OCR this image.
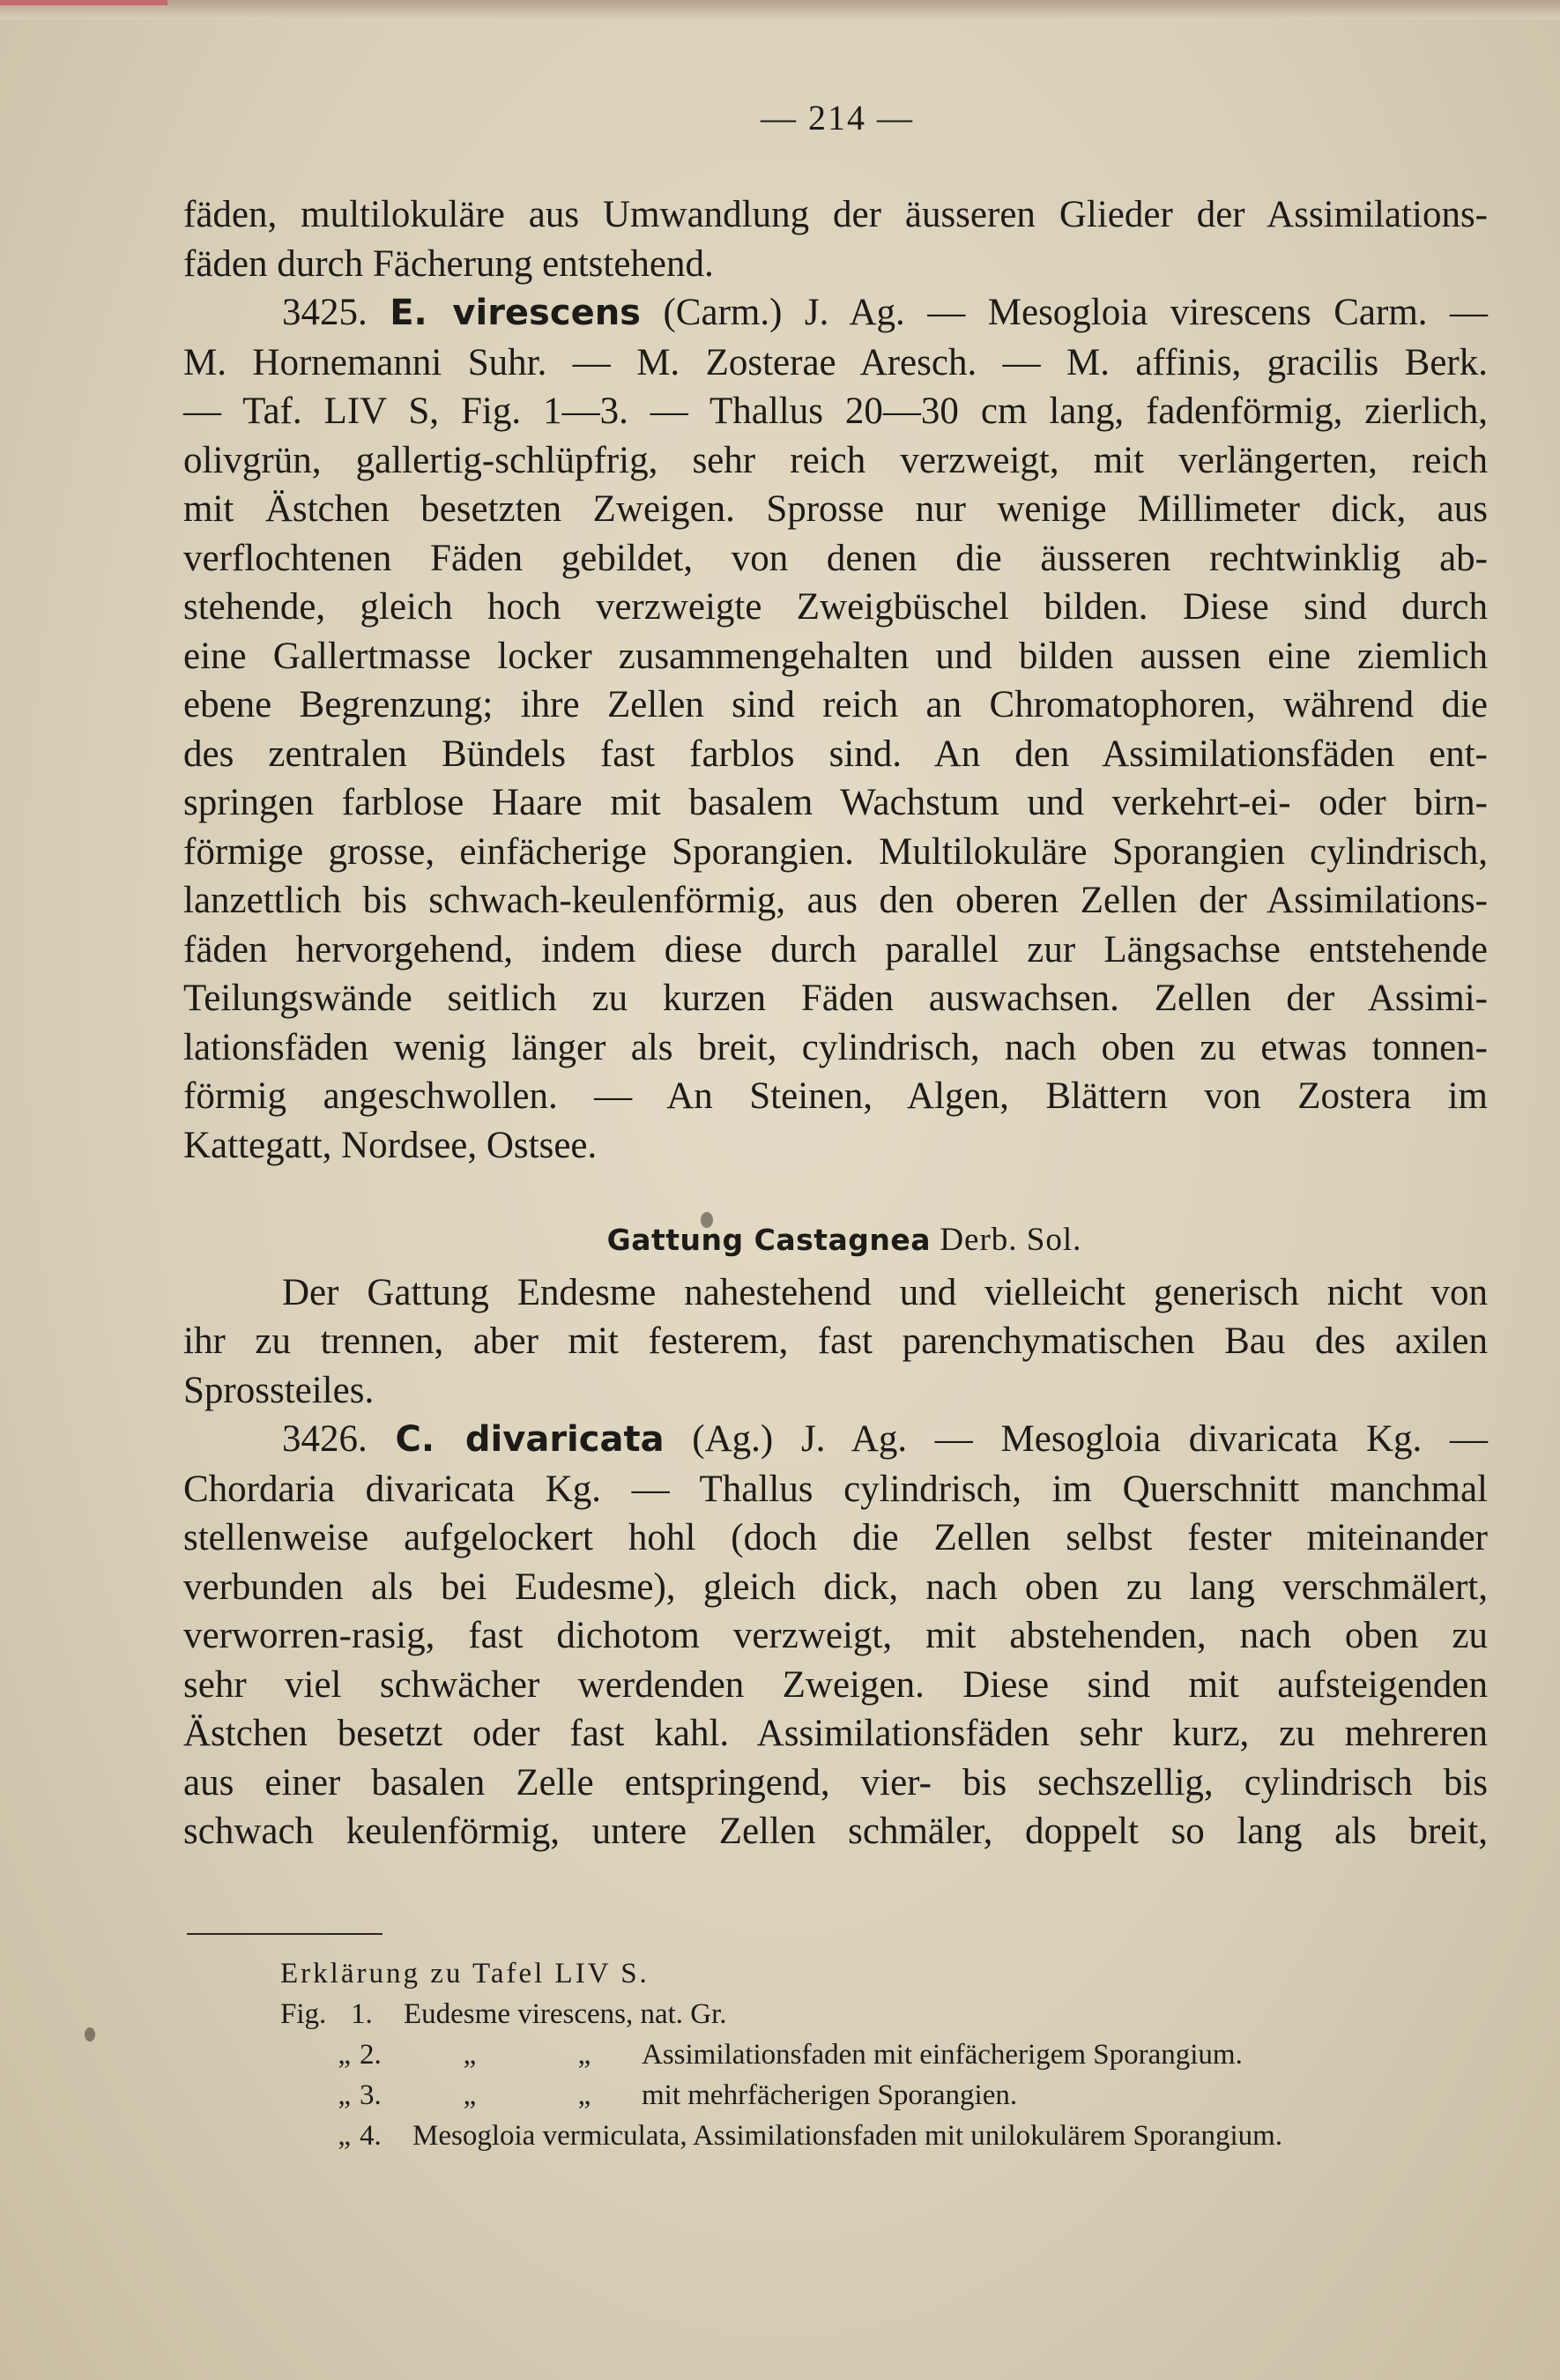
— 214 —

fäden, multilokuläre aus Umwandlung der äusseren Glieder der Assimilations-
fäden durch Fächerung entstehend.

3425. E. virescens (Carm.) J. Ag. — Mesogloia virescens Carm. —
M. Hornemanni Suhr. — M. Zosterae Aresch. — M. affinis, gracilis Berk.
— Taf. LIV S, Fig. 1—3. — Thallus 20—30 cm lang, fadenförmig, zierlich,
olivgrün, gallertig-schlüpfrig, sehr reich verzweigt, mit verlängerten, reich
mit Ästchen besetzten Zweigen. Sprosse nur wenige Millimeter dick, aus
verflochtenen Fäden gebildet, von denen die äusseren rechtwinklig ab-
stehende, gleich hoch verzweigte Zweigbüschel bilden. Diese sind durch
eine Gallertmasse locker zusammengehalten und bilden aussen eine ziemlich
ebene Begrenzung; ihre Zellen sind reich an Chromatophoren, während die
des zentralen Bündels fast farblos sind. An den Assimilationsfäden ent-
springen farblose Haare mit basalem Wachstum und verkehrt-ei- oder birn-
förmige grosse, einfächerige Sporangien. Multilokuläre Sporangien cylindrisch,
lanzettlich bis schwach-keulenförmig, aus den oberen Zellen der Assimilations-
fäden hervorgehend, indem diese durch parallel zur Längsachse entstehende
Teilungswände seitlich zu kurzen Fäden auswachsen. Zellen der Assimi-
lationsfäden wenig länger als breit, cylindrisch, nach oben zu etwas tonnen-
förmig angeschwollen. — An Steinen, Algen, Blättern von Zostera im
Kattegatt, Nordsee, Ostsee.

Gattung Castagnea Derb. Sol.

Der Gattung Endesme nahestehend und vielleicht generisch nicht von
ihr zu trennen, aber mit festerem, fast parenchymatischen Bau des axilen
Sprossteiles.

3426. C. divaricata (Ag.) J. Ag. — Mesogloia divaricata Kg. —
Chordaria divaricata Kg. — Thallus cylindrisch, im Querschnitt manchmal
stellenweise aufgelockert hohl (doch die Zellen selbst fester miteinander
verbunden als bei Eudesme), gleich dick, nach oben zu lang verschmälert,
verworren-rasig, fast dichotom verzweigt, mit abstehenden, nach oben zu
sehr viel schwächer werdenden Zweigen. Diese sind mit aufsteigenden
Ästchen besetzt oder fast kahl. Assimilationsfäden sehr kurz, zu mehreren
aus einer basalen Zelle entspringend, vier- bis sechszellig, cylindrisch bis
schwach keulenförmig, untere Zellen schmäler, doppelt so lang als breit,

Erklärung zu Tafel LIV S.
Fig. 1.	Eudesme virescens, nat. Gr.
„ 2.	„	„	Assimilationsfaden mit einfächerigem Sporangium.
„ 3.	„	„	mit mehrfächerigen Sporangien.
„ 4.	Mesogloia vermiculata, Assimilationsfaden mit unilokulärem Sporangium.
